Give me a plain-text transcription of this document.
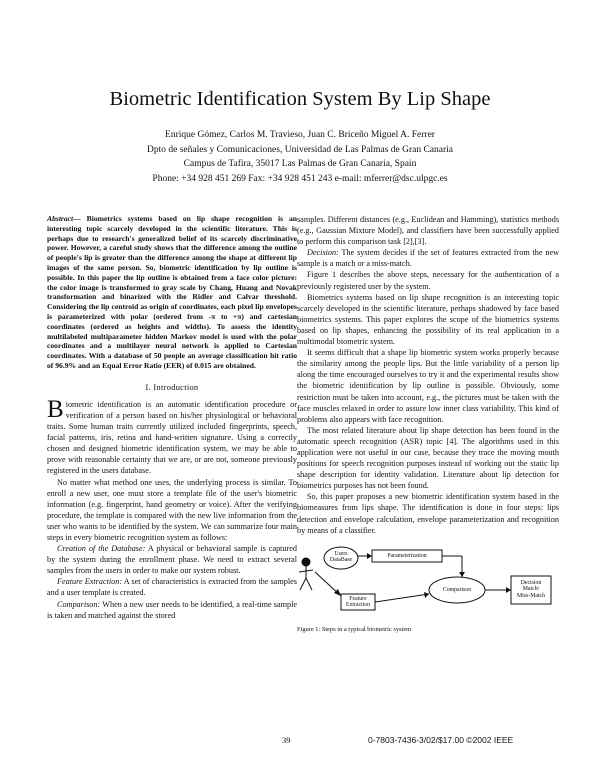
Biometric Identification System By Lip Shape
Enrique Gómez, Carlos M. Travieso, Juan C. Briceño Miguel A. Ferrer
Dpto de señales y Comunicaciones, Universidad de Las Palmas de Gran Canaria
Campus de Tafira, 35017 Las Palmas de Gran Canaria, Spain
Phone: +34 928 451 269 Fax: +34 928 451 243 e-mail: mferrer@dsc.ulpgc.es

Abstract— Biometrics systems based on lip shape recognition is an interesting topic scarcely developed in the scientific literature. This is perhaps due to research's generalized belief of its scarcely discriminative power. However, a careful study shows that the difference among the outline of people's lip is greater than the difference among the shape at different lip images of the same person. So, biometric identification by lip outline is possible. In this paper the lip outline is obtained from a face color picture: the color image is transformed to gray scale by Chang, Huang and Novak transformation and binarized with the Ridler and Calvar threshold. Considering the lip centroid as origin of coordinates, each pixel lip envelopes is parameterized with polar (ordered from -π to +π) and cartesian coordinates (ordered as heights and widths). To assess the identity multilabeled multiparameter hidden Markov model is used with the polar coordinates and a multilayer neural network is applied to Cartesian coordinates. With a database of 50 people an average classification hit ratio of 96.9% and an Equal Error Ratio (EER) of 0.015 are obtained.

I. Introduction

Biometric identification is an automatic identification procedure or verification of a person based on his/her physiological or behavioral traits. Some human traits currently utilized included fingerprints, speech, facial patterns, iris, retina and hand-written signature. Using a correctly chosen and designed biometric identification system, we may be able to prove with reasonable certainty that we are, or are not, someone previously registered in the users database.

No matter what method one uses, the underlying process is similar. To enroll a new user, one must store a template file of the user's biometric information (e.g. fingerprint, hand geometry or voice). After the verifying procedure, the template is compared with the new live information from the user who wants to be identified by the system. We can summarize four main steps in every biometric recognition system as follows:

Creation of the Database: A physical or behavioral sample is captured by the system during the enrollment phase. We need to extract several samples from the users in order to make our system robust.

Feature Extraction: A set of characteristics is extracted from the samples and a user template is created.

Comparison: When a new user needs to be identified, a real-time sample is taken and matched against the stored

samples. Different distances (e.g., Euclidean and Hamming), statistics methods (e.g., Gaussian Mixture Model), and classifiers have been successfully applied to perform this comparison task [2],[3].

Decision: The system decides if the set of features extracted from the new sample is a match or a miss-match.

Figure 1 describes the above steps, necessary for the authentication of a previously registered user by the system.

Biometrics systems based on lip shape recognition is an interesting topic scarcely developed in the scientific literature, perhaps shadowed by face based biometrics systems. This paper explores the scope of the biometrics systems based on lip shapes, enhancing the possibility of its real application in a multimodal biometric system.

It seems difficult that a shape lip biometric system works properly because the similarity among the people lips. But the little variability of a person lip along the time encouraged ourselves to try it and the experimental results show the biometric identification by lip outline is possible. Obviously, some restriction must be taken into account, e.g., the pictures must be taken with the face muscles relaxed in order to assure low inner class variability. This kind of problems also appears with face recognition.

The most related literature about lip shape detection has been found in the automatic speech recognition (ASR) topic [4]. The algorithms used in this application were not useful in our case, because they trace the moving mouth positions for speech recognition purposes instead of working out the static lip shape description for identity validation. Literature about lip detection for biometrics purposes has not been found.

So, this paper proposes a new biometric identification system based in the biomeasures from lips shape. The identification is done in four steps: lips detection and envelope calculation, envelope parameterization and recognition by means of a classifier.

Users
DataBase
Parameterization
Feature
Extraction
Comparison
Decision
Match/
Miss-Match
Figure 1: Steps in a typical biometric system
39	0-7803-7436-3/02/$17.00 ©2002 IEEE
